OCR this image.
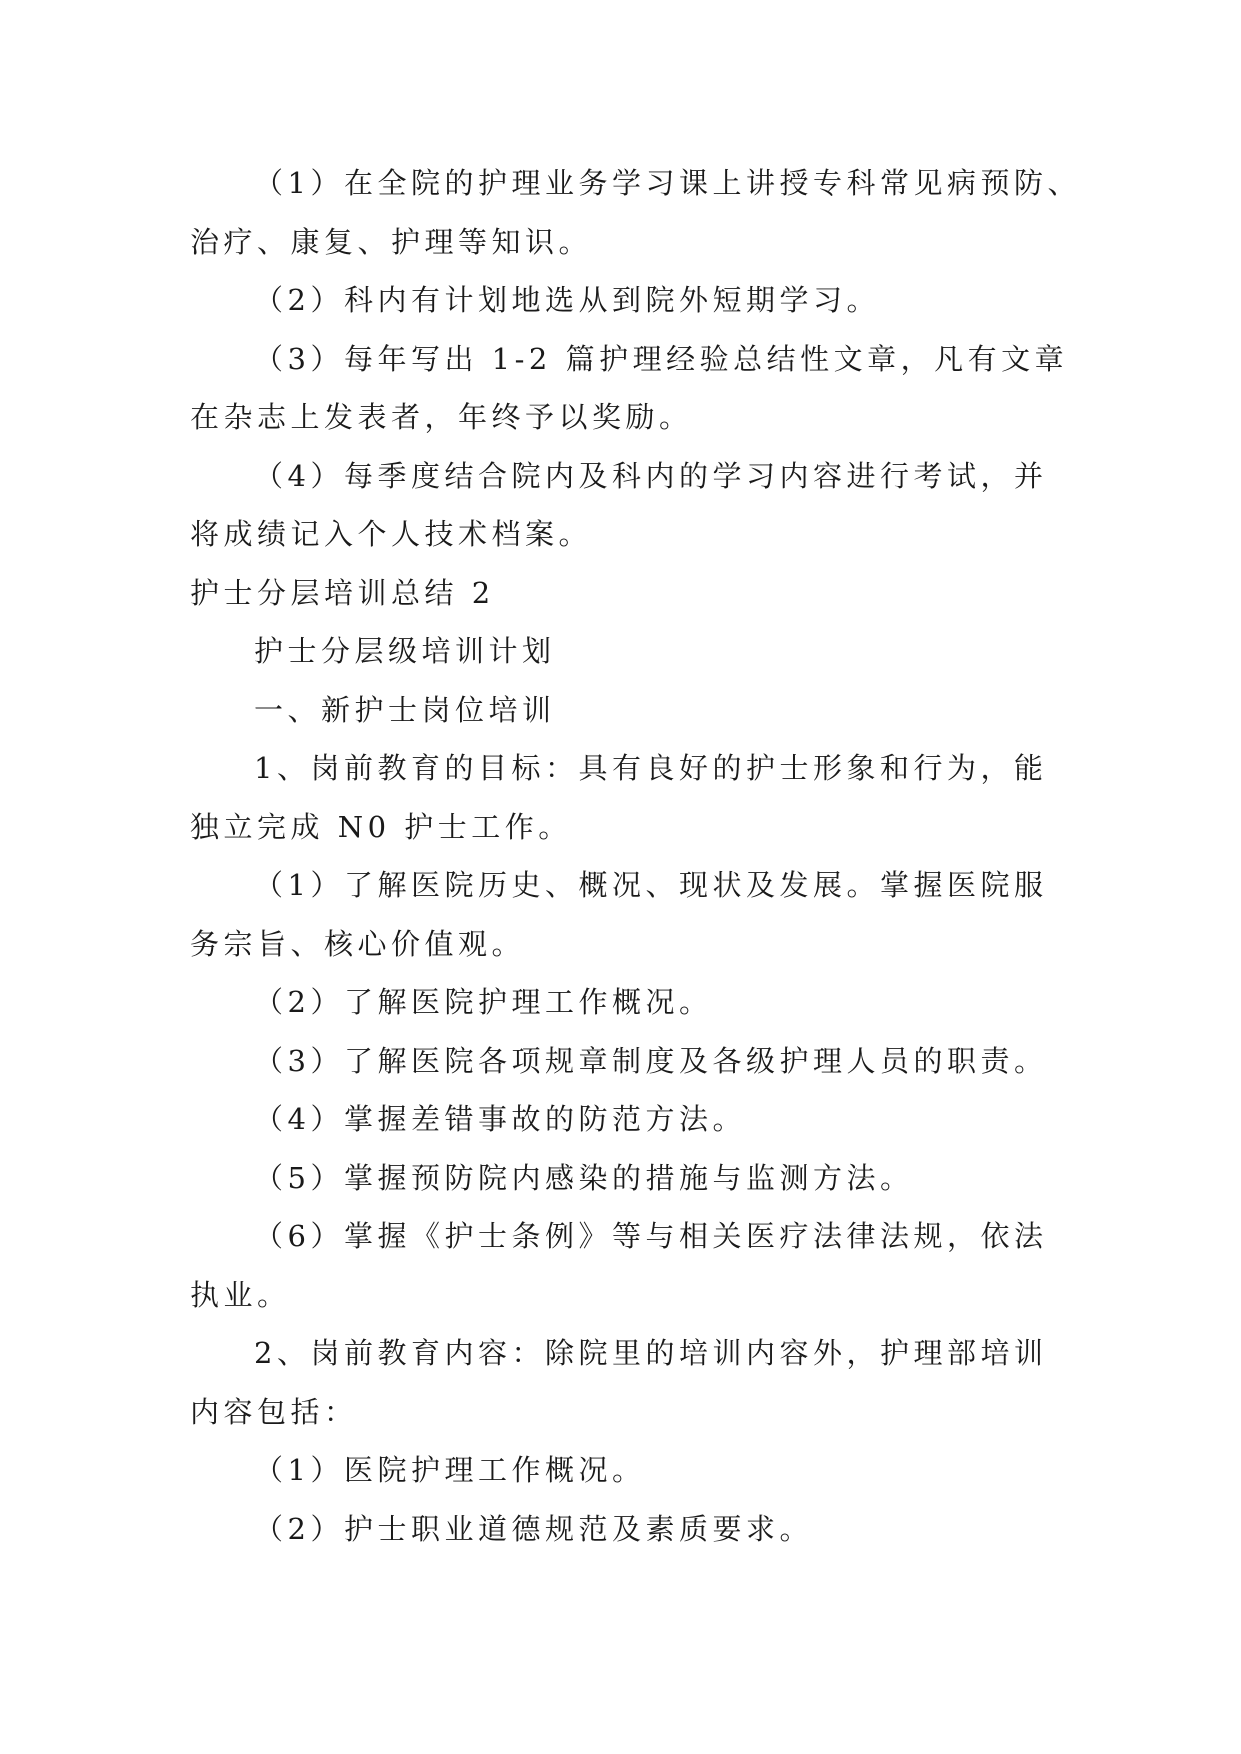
（1）在全院的护理业务学习课上讲授专科常见病预防、
治疗、康复、护理等知识。
（2）科内有计划地选从到院外短期学习。
（3）每年写出 1-2 篇护理经验总结性文章，凡有文章
在杂志上发表者，年终予以奖励。
（4）每季度结合院内及科内的学习内容进行考试，并
将成绩记入个人技术档案。
护士分层培训总结 2
护士分层级培训计划
一、新护士岗位培训
1、岗前教育的目标：具有良好的护士形象和行为，能
独立完成 N0 护士工作。
（1）了解医院历史、概况、现状及发展。掌握医院服
务宗旨、核心价值观。
（2）了解医院护理工作概况。
（3）了解医院各项规章制度及各级护理人员的职责。
（4）掌握差错事故的防范方法。
（5）掌握预防院内感染的措施与监测方法。
（6）掌握《护士条例》等与相关医疗法律法规，依法
执业。
2、岗前教育内容：除院里的培训内容外，护理部培训
内容包括：
（1）医院护理工作概况。
（2）护士职业道德规范及素质要求。
